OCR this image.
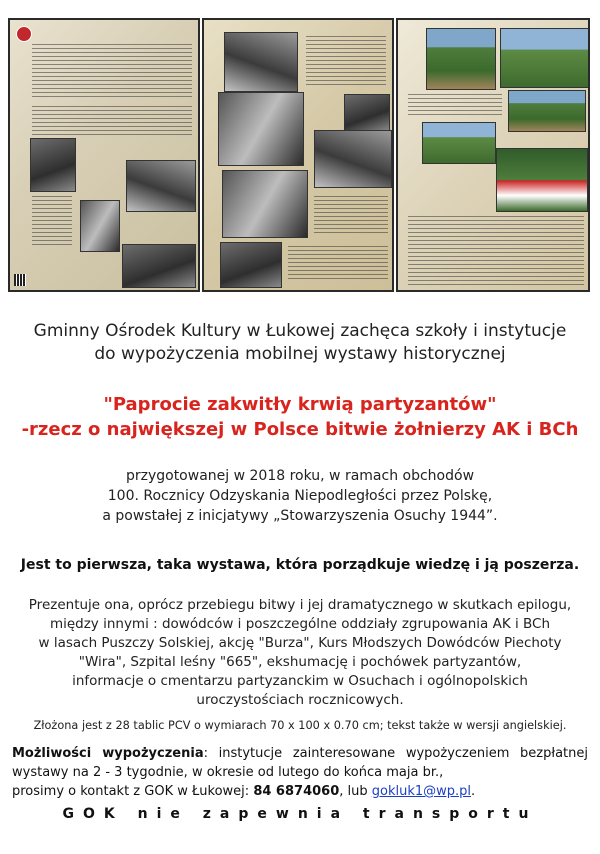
Gminny Ośrodek Kultury w Łukowej zachęca szkoły i instytucje
do wypożyczenia mobilnej wystawy historycznej
"Paprocie zakwitły krwią partyzantów"
-rzecz o największej w Polsce bitwie żołnierzy AK i BCh
przygotowanej w 2018 roku, w ramach obchodów
100. Rocznicy Odzyskania Niepodległości przez Polskę,
a powstałej z inicjatywy „Stowarzyszenia Osuchy 1944”.
Jest to pierwsza, taka wystawa, która porządkuje wiedzę i ją poszerza.
Prezentuje ona, oprócz przebiegu bitwy i jej dramatycznego w skutkach epilogu,
między innymi : dowódców i poszczególne oddziały zgrupowania AK i BCh
w lasach Puszczy Solskiej, akcję "Burza", Kurs Młodszych Dowódców Piechoty
"Wira", Szpital leśny "665", ekshumację i pochówek partyzantów,
informacje o cmentarzu partyzanckim w Osuchach i ogólnopolskich
uroczystościach rocznicowych.
Złożona jest z 28 tablic PCV o wymiarach 70 x 100 x 0.70 cm; tekst także w wersji angielskiej.
Możliwości wypożyczenia: instytucje zainteresowane wypożyczeniem bezpłatnej wystawy na 2 - 3 tygodnie, w okresie od lutego do końca maja br.,
prosimy o kontakt z GOK w Łukowej: 84 6874060, lub gokluk1@wp.pl.
GOK nie zapewnia transportu
